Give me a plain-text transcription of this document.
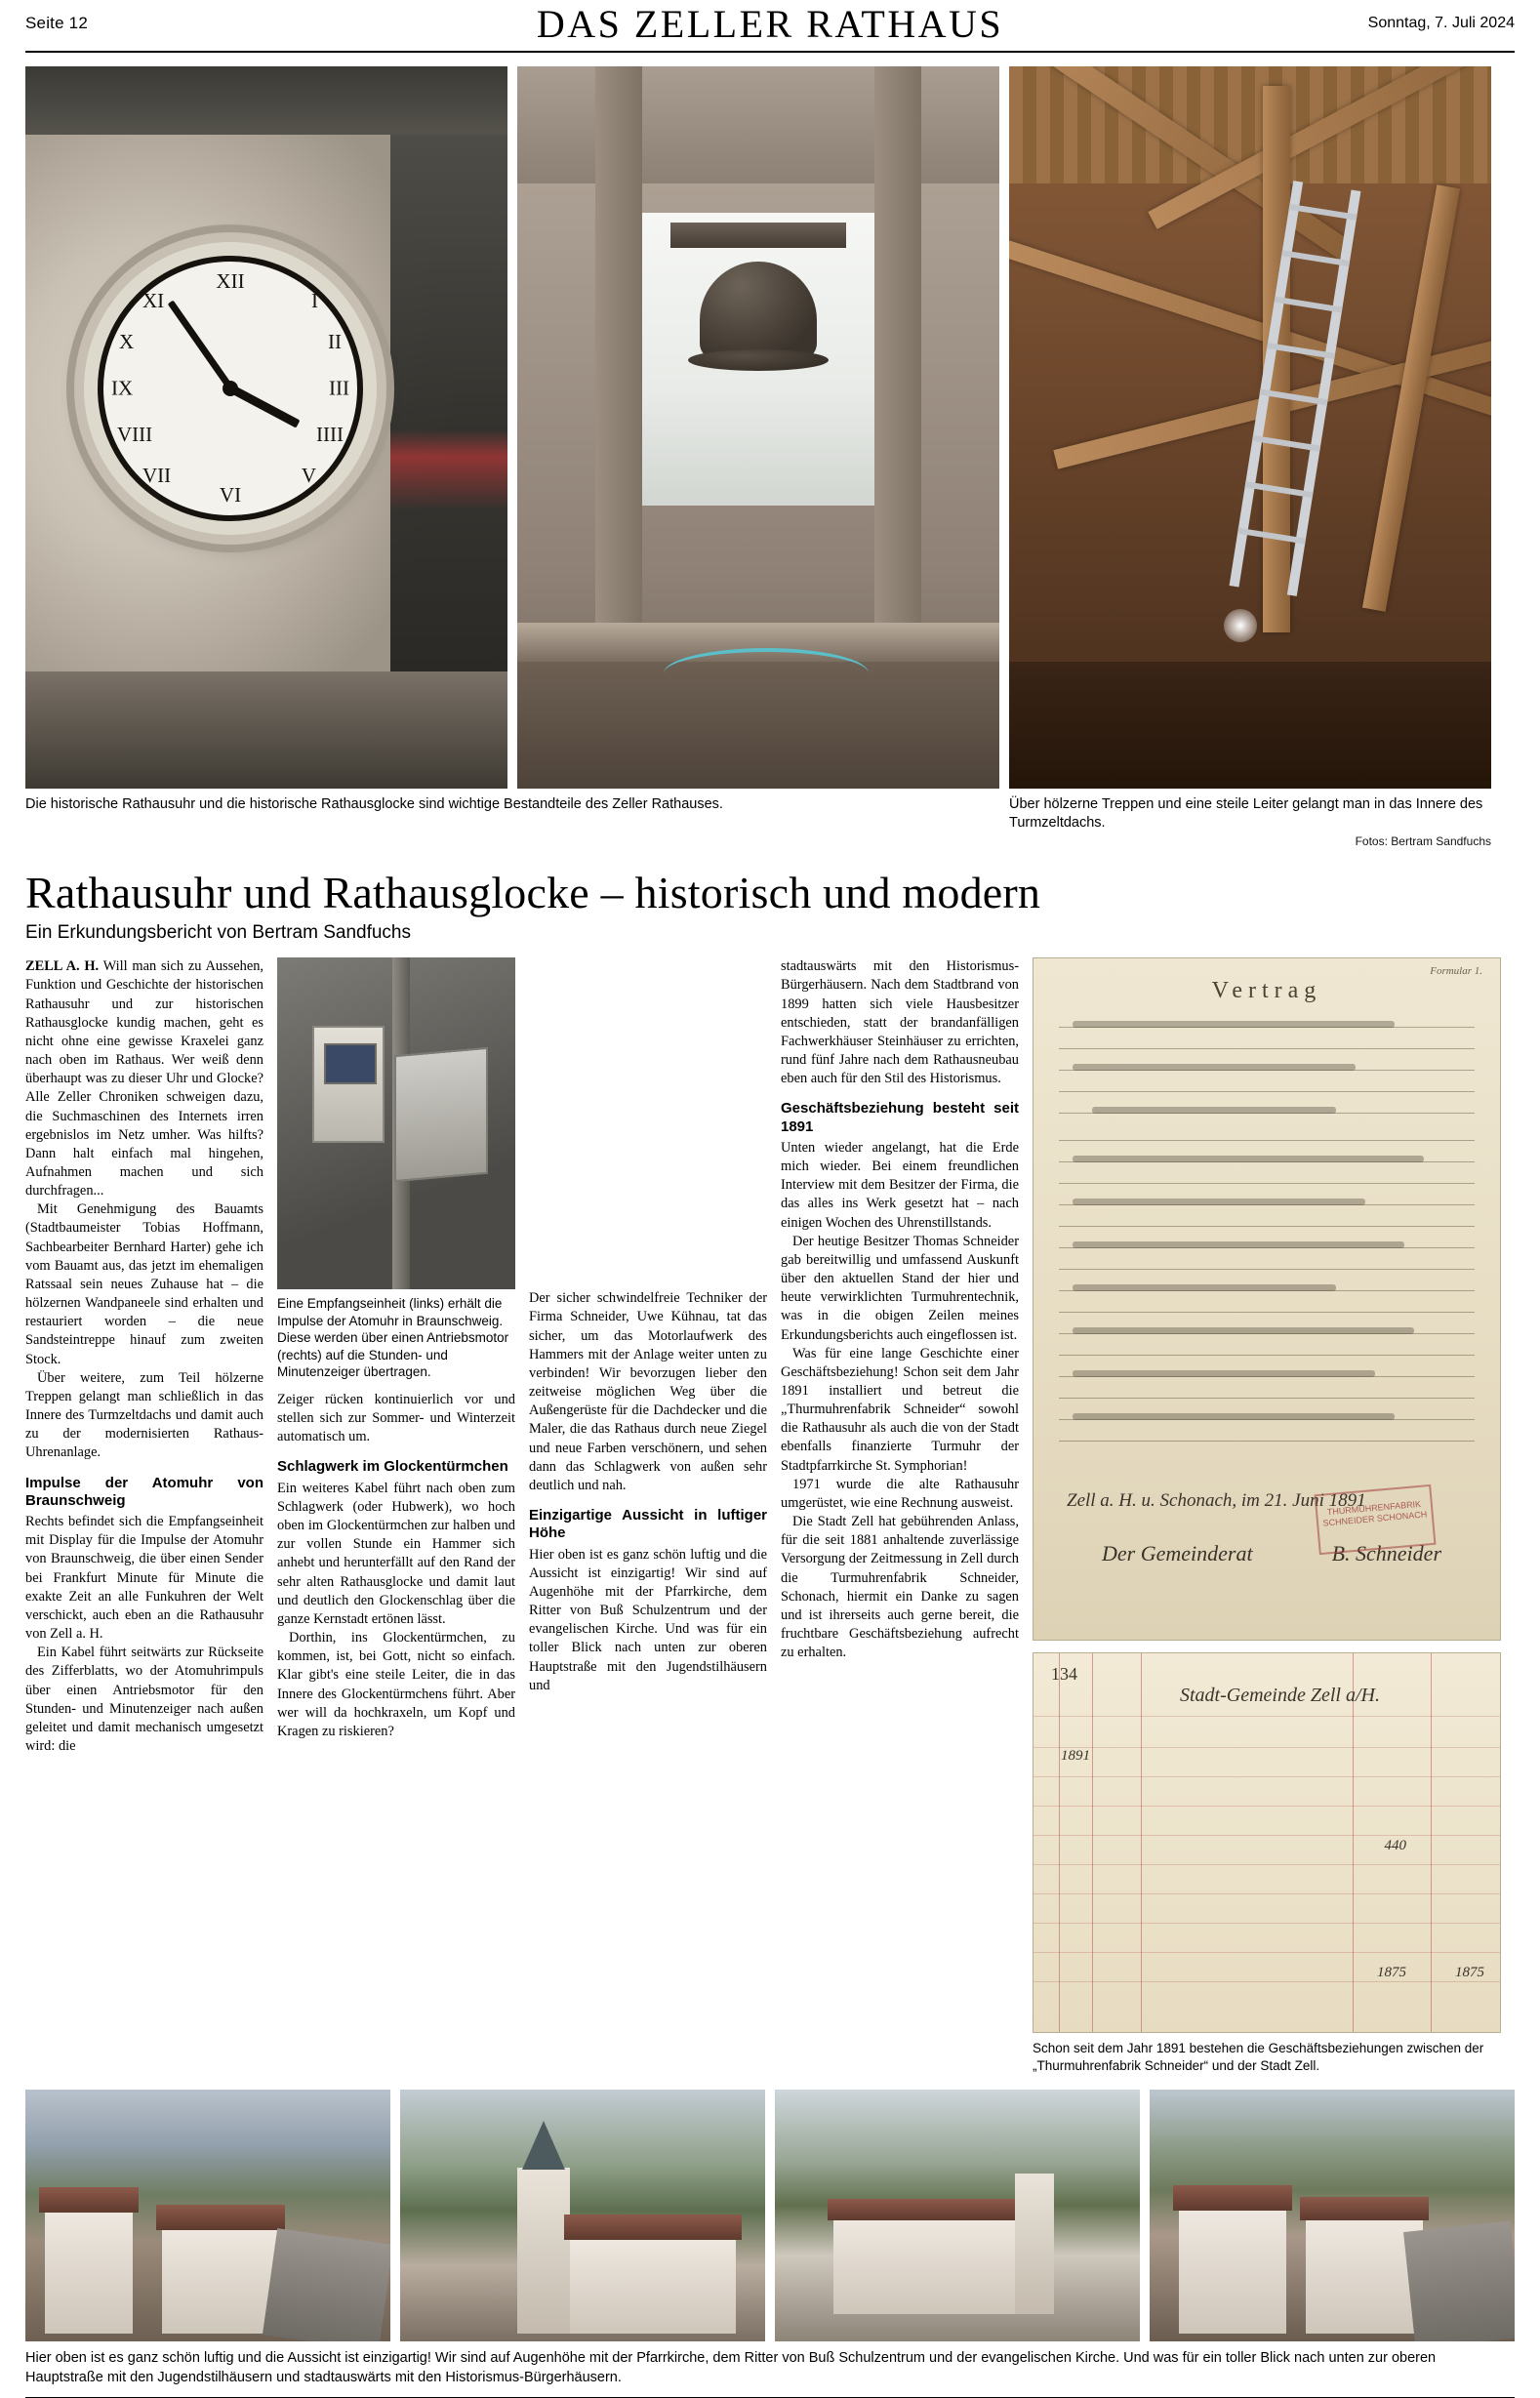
Seite 12	DAS ZELLER RATHAUS	Sonntag, 7. Juli 2024
XII
I
II
III
IIII
V
VI
VII
VIII
IX
X
XI
Die historische Rathausuhr und die historische Rathausglocke sind wichtige Bestandteile des Zeller Rathauses.	Über hölzerne Treppen und eine steile Leiter gelangt man in das Innere des Turmzeltdachs.
Fotos: Bertram Sandfuchs
Rathausuhr und Rathausglocke – historisch und modern
Ein Erkundungsbericht von Bertram Sandfuchs

ZELL A. H. Will man sich zu Aussehen, Funktion und Geschichte der historischen Rathausuhr und zur historischen Rathausglocke kundig machen, geht es nicht ohne eine gewisse Kraxelei ganz nach oben im Rathaus. Wer weiß denn überhaupt was zu dieser Uhr und Glocke? Alle Zeller Chroniken schweigen dazu, die Suchmaschinen des Internets irren ergebnislos im Netz umher. Was hilfts? Dann halt einfach mal hingehen, Aufnahmen machen und sich durchfragen...

Mit Genehmigung des Bauamts (Stadtbaumeister Tobias Hoffmann, Sachbearbeiter Bernhard Harter) gehe ich vom Bauamt aus, das jetzt im ehemaligen Ratssaal sein neues Zuhause hat – die hölzernen Wandpaneele sind erhalten und restauriert worden – die neue Sandsteintreppe hinauf zum zweiten Stock.

Über weitere, zum Teil hölzerne Treppen gelangt man schließlich in das Innere des Turmzeltdachs und damit auch zu der modernisierten Rathaus-Uhrenanlage.

Impulse der Atomuhr von Braunschweig

Rechts befindet sich die Empfangseinheit mit Display für die Impulse der Atomuhr von Braunschweig, die über einen Sender bei Frankfurt Minute für Minute die exakte Zeit an alle Funkuhren der Welt verschickt, auch eben an die Rathausuhr von Zell a. H.

Ein Kabel führt seitwärts zur Rückseite des Zifferblatts, wo der Atomuhrimpuls über einen Antriebsmotor für den Stunden- und Minutenzeiger nach außen geleitet und damit mechanisch umgesetzt wird: die

Eine Empfangseinheit (links) erhält die Impulse der Atomuhr in Braunschweig. Diese werden über einen Antriebsmotor (rechts) auf die Stunden- und Minutenzeiger übertragen.

Zeiger rücken kontinuierlich vor und stellen sich zur Sommer- und Winterzeit automatisch um.

Schlagwerk im Glockentürmchen

Ein weiteres Kabel führt nach oben zum Schlagwerk (oder Hubwerk), wo hoch oben im Glockentürmchen zur halben und zur vollen Stunde ein Hammer sich anhebt und herunterfällt auf den Rand der sehr alten Rathausglocke und damit laut und deutlich den Glockenschlag über die ganze Kernstadt ertönen lässt.

Dorthin, ins Glockentürmchen, zu kommen, ist, bei Gott, nicht so einfach. Klar gibt's eine steile Leiter, die in das Innere des Glockentürmchens führt. Aber wer will da hochkraxeln, um Kopf und Kragen zu riskieren?

Der sicher schwindelfreie Techniker der Firma Schneider, Uwe Kühnau, tat das sicher, um das Motorlaufwerk des Hammers mit der Anlage weiter unten zu verbinden! Wir bevorzugen lieber den zeitweise möglichen Weg über die Außengerüste für die Dachdecker und die Maler, die das Rathaus durch neue Ziegel und neue Farben verschönern, und sehen dann das Schlagwerk von außen sehr deutlich und nah.

Einzigartige Aussicht in luftiger Höhe

Hier oben ist es ganz schön luftig und die Aussicht ist einzigartig! Wir sind auf Augenhöhe mit der Pfarrkirche, dem Ritter von Buß Schulzentrum und der evangelischen Kirche. Und was für ein toller Blick nach unten zur oberen Hauptstraße mit den Jugendstilhäusern und

stadtauswärts mit den Historismus-Bürgerhäusern. Nach dem Stadtbrand von 1899 hatten sich viele Hausbesitzer entschieden, statt der brandanfälligen Fachwerkhäuser Steinhäuser zu errichten, rund fünf Jahre nach dem Rathausneubau eben auch für den Stil des Historismus.

Geschäftsbeziehung besteht seit 1891

Unten wieder angelangt, hat die Erde mich wieder. Bei einem freundlichen Interview mit dem Besitzer der Firma, die das alles ins Werk gesetzt hat – nach einigen Wochen des Uhrenstillstands.

Der heutige Besitzer Thomas Schneider gab bereitwillig und umfassend Auskunft über den aktuellen Stand der hier und heute verwirklichten Turmuhrentechnik, was in die obigen Zeilen meines Erkundungsberichts auch eingeflossen ist.

Was für eine lange Geschichte einer Geschäftsbeziehung! Schon seit dem Jahr 1891 installiert und betreut die „Thurmuhrenfabrik Schneider“ sowohl die Rathausuhr als auch die von der Stadt ebenfalls finanzierte Turmuhr der Stadtpfarrkirche St. Symphorian!

1971 wurde die alte Rathausuhr umgerüstet, wie eine Rechnung ausweist.

Die Stadt Zell hat gebührenden Anlass, für die seit 1881 anhaltende zuverlässige Versorgung der Zeitmessung in Zell durch die Turmuhrenfabrik Schneider, Schonach, hiermit ein Danke zu sagen und ist ihrerseits auch gerne bereit, die fruchtbare Geschäftsbeziehung aufrecht zu erhalten.

Formular 1.
Vertrag
Zell a. H. u. Schonach, im 21. Juni 1891
Der Gemeinderat	B. Schneider
THURMUHRENFABRIK SCHNEIDER SCHONACH
134
Stadt-Gemeinde Zell a/H.
1891
440
1875	1875
Schon seit dem Jahr 1891 bestehen die Geschäftsbeziehungen zwischen der „Thurmuhrenfabrik Schneider“ und der Stadt Zell.
Hier oben ist es ganz schön luftig und die Aussicht ist einzigartig! Wir sind auf Augenhöhe mit der Pfarrkirche, dem Ritter von Buß Schulzentrum und der evangelischen Kirche. Und was für ein toller Blick nach unten zur oberen Hauptstraße mit den Jugendstilhäusern und stadtauswärts mit den Historismus-Bürgerhäusern.
